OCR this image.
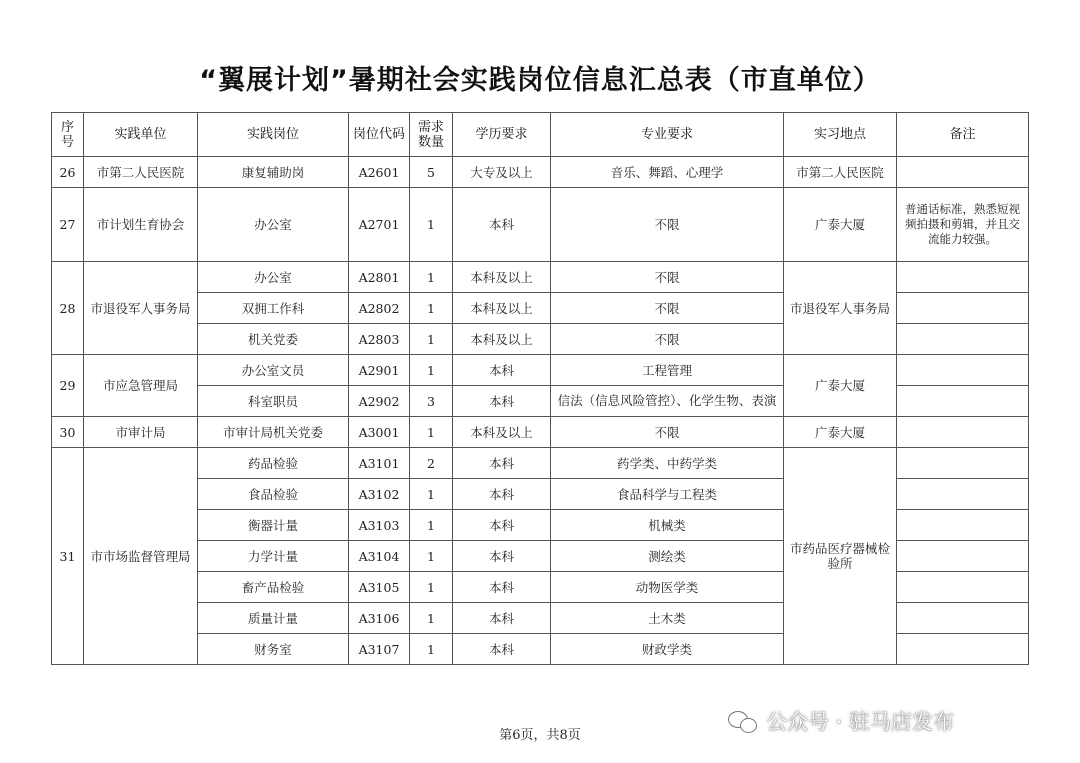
“翼展计划”暑期社会实践岗位信息汇总表（市直单位）
序号	实践单位	实践岗位	岗位代码	需求数量	学历要求	专业要求	实习地点	备注
26	市第二人民医院	康复辅助岗	A2601	5	大专及以上	音乐、舞蹈、心理学	市第二人民医院	
27	市计划生育协会	办公室	A2701	1	本科	不限	广泰大厦	普通话标准，熟悉短视频拍摄和剪辑，并且交流能力较强。
28	市退役军人事务局	办公室	A2801	1	本科及以上	不限	市退役军人事务局	
		双拥工作科	A2802	1	本科及以上	不限		
		机关党委	A2803	1	本科及以上	不限		
29	市应急管理局	办公室文员	A2901	1	本科	工程管理	广泰大厦	
		科室职员	A2902	3	本科	信法（信息风险管控）、化学生物、表演		
30	市审计局	市审计局机关党委	A3001	1	本科及以上	不限	广泰大厦	
31	市市场监督管理局	药品检验	A3101	2	本科	药学类、中药学类	市药品医疗器械检验所	
		食品检验	A3102	1	本科	食品科学与工程类		
		衡器计量	A3103	1	本科	机械类		
		力学计量	A3104	1	本科	测绘类		
		畜产品检验	A3105	1	本科	动物医学类		
		质量计量	A3106	1	本科	土木类		
		财务室	A3107	1	本科	财政学类		
第6页，共8页
公众号 · 驻马店发布
